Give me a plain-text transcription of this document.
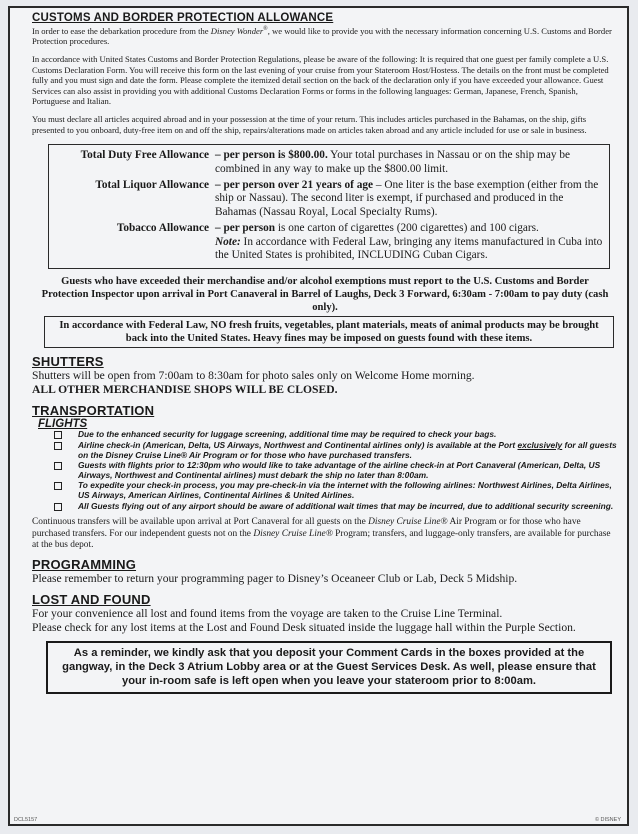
CUSTOMS AND BORDER PROTECTION ALLOWANCE

In order to ease the debarkation procedure from the Disney Wonder®, we would like to provide you with the necessary information concerning U.S. Customs and Border Protection procedures.

In accordance with United States Customs and Border Protection Regulations, please be aware of the following: It is required that one guest per family complete a U.S. Customs Declaration Form. You will receive this form on the last evening of your cruise from your Stateroom Host/Hostess. The details on the front must be completed fully and you must sign and date the form. Please complete the itemized detail section on the back of the declaration only if you have exceeded your allowance. Guest Services can also assist in providing you with additional Customs Declaration Forms or forms in the following languages: German, Japanese, French, Spanish, Portuguese and Italian.

You must declare all articles acquired abroad and in your possession at the time of your return. This includes articles purchased in the Bahamas, on the ship, gifts presented to you onboard, duty-free item on and off the ship, repairs/alterations made on articles taken abroad and any article included for use or sale in business.

Total Duty Free Allowance – per person is $800.00. Your total purchases in Nassau or on the ship may be combined in any way to make up the $800.00 limit.
Total Liquor Allowance – per person over 21 years of age – One liter is the base exemption (either from the ship or Nassau). The second liter is exempt, if purchased and produced in the Bahamas (Nassau Royal, Local Specialty Rums).
Tobacco Allowance – per person is one carton of cigarettes (200 cigarettes) and 100 cigars.
Note: In accordance with Federal Law, bringing any items manufactured in Cuba into the United States is prohibited, INCLUDING Cuban Cigars.

Guests who have exceeded their merchandise and/or alcohol exemptions must report to the U.S. Customs and Border Protection Inspector upon arrival in Port Canaveral in Barrel of Laughs, Deck 3 Forward, 6:30am - 7:00am to pay duty (cash only).

In accordance with Federal Law, NO fresh fruits, vegetables, plant materials, meats of animal products may be brought back into the United States. Heavy fines may be imposed on guests found with these items.
SHUTTERS

Shutters will be open from 7:00am to 8:30am for photo sales only on Welcome Home morning.

ALL OTHER MERCHANDISE SHOPS WILL BE CLOSED.

TRANSPORTATION
FLIGHTS
Due to the enhanced security for luggage screening, additional time may be required to check your bags.
Airline check-in (American, Delta, US Airways, Northwest and Continental airlines only) is available at the Port exclusively for all guests on the Disney Cruise Line® Air Program or for those who have purchased transfers.
Guests with flights prior to 12:30pm who would like to take advantage of the airline check-in at Port Canaveral (American, Delta, US Airways, Northwest and Continental airlines) must debark the ship no later than 8:00am.
To expedite your check-in process, you may pre-check-in via the internet with the following airlines: Northwest Airlines, Delta Airlines, US Airways, American Airlines, Continental Airlines & United Airlines.
All Guests flying out of any airport should be aware of additional wait times that may be incurred, due to additional security screening.

Continuous transfers will be available upon arrival at Port Canaveral for all guests on the Disney Cruise Line® Air Program or for those who have purchased transfers. For our independent guests not on the Disney Cruise Line® Program; transfers, and luggage-only transfers, are available for purchase at the bus depot.

PROGRAMMING

Please remember to return your programming pager to Disney’s Oceaneer Club or Lab, Deck 5 Midship.

LOST AND FOUND

For your convenience all lost and found items from the voyage are taken to the Cruise Line Terminal.

Please check for any lost items at the Lost and Found Desk situated inside the luggage hall within the Purple Section.

As a reminder, we kindly ask that you deposit your Comment Cards in the boxes provided at the gangway, in the Deck 3 Atrium Lobby area or at the Guest Services Desk. As well, please ensure that your in-room safe is left open when you leave your stateroom prior to 8:00am.
DCL5157	© DISNEY
